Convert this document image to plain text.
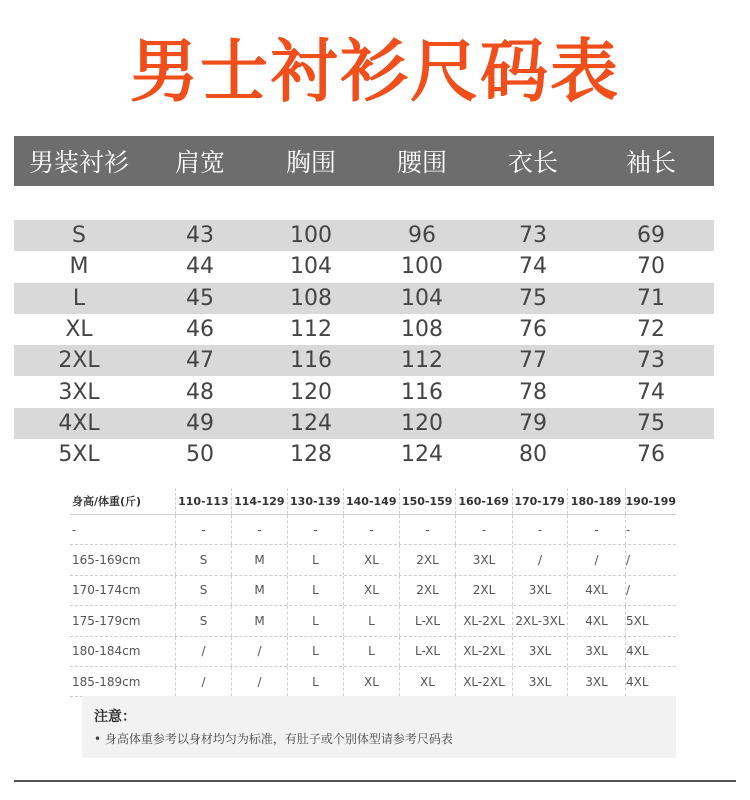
男士衬衫尺码表
男装衬衫	肩宽	胸围	腰围	衣长	袖长
S	43	100	96	73	69
M	44	104	100	74	70
L	45	108	104	75	71
XL	46	112	108	76	72
2XL	47	116	112	77	73
3XL	48	120	116	78	74
4XL	49	124	120	79	75
5XL	50	128	124	80	76
身高/体重(斤)	110-113 114-129 130-139 140-149 150-159 160-169 170-179 180-189 190-199
-	-	-	-	-	-	-	-	-	-
165-169cm	S	M	L	XL	2XL	3XL	/	/	/
170-174cm	S	M	L	XL	2XL	2XL	3XL	4XL	/
175-179cm	S	M	L	L	L-XL	XL-2XL 2XL-3XL	4XL	5XL
180-184cm	/	/	L	L	L-XL	XL-2XL	3XL	3XL	4XL
185-189cm	/	/	L	XL	XL	XL-2XL	3XL	3XL	4XL
注意：
• 身高体重参考以身材均匀为标准，有肚子或个别体型请参考尺码表
